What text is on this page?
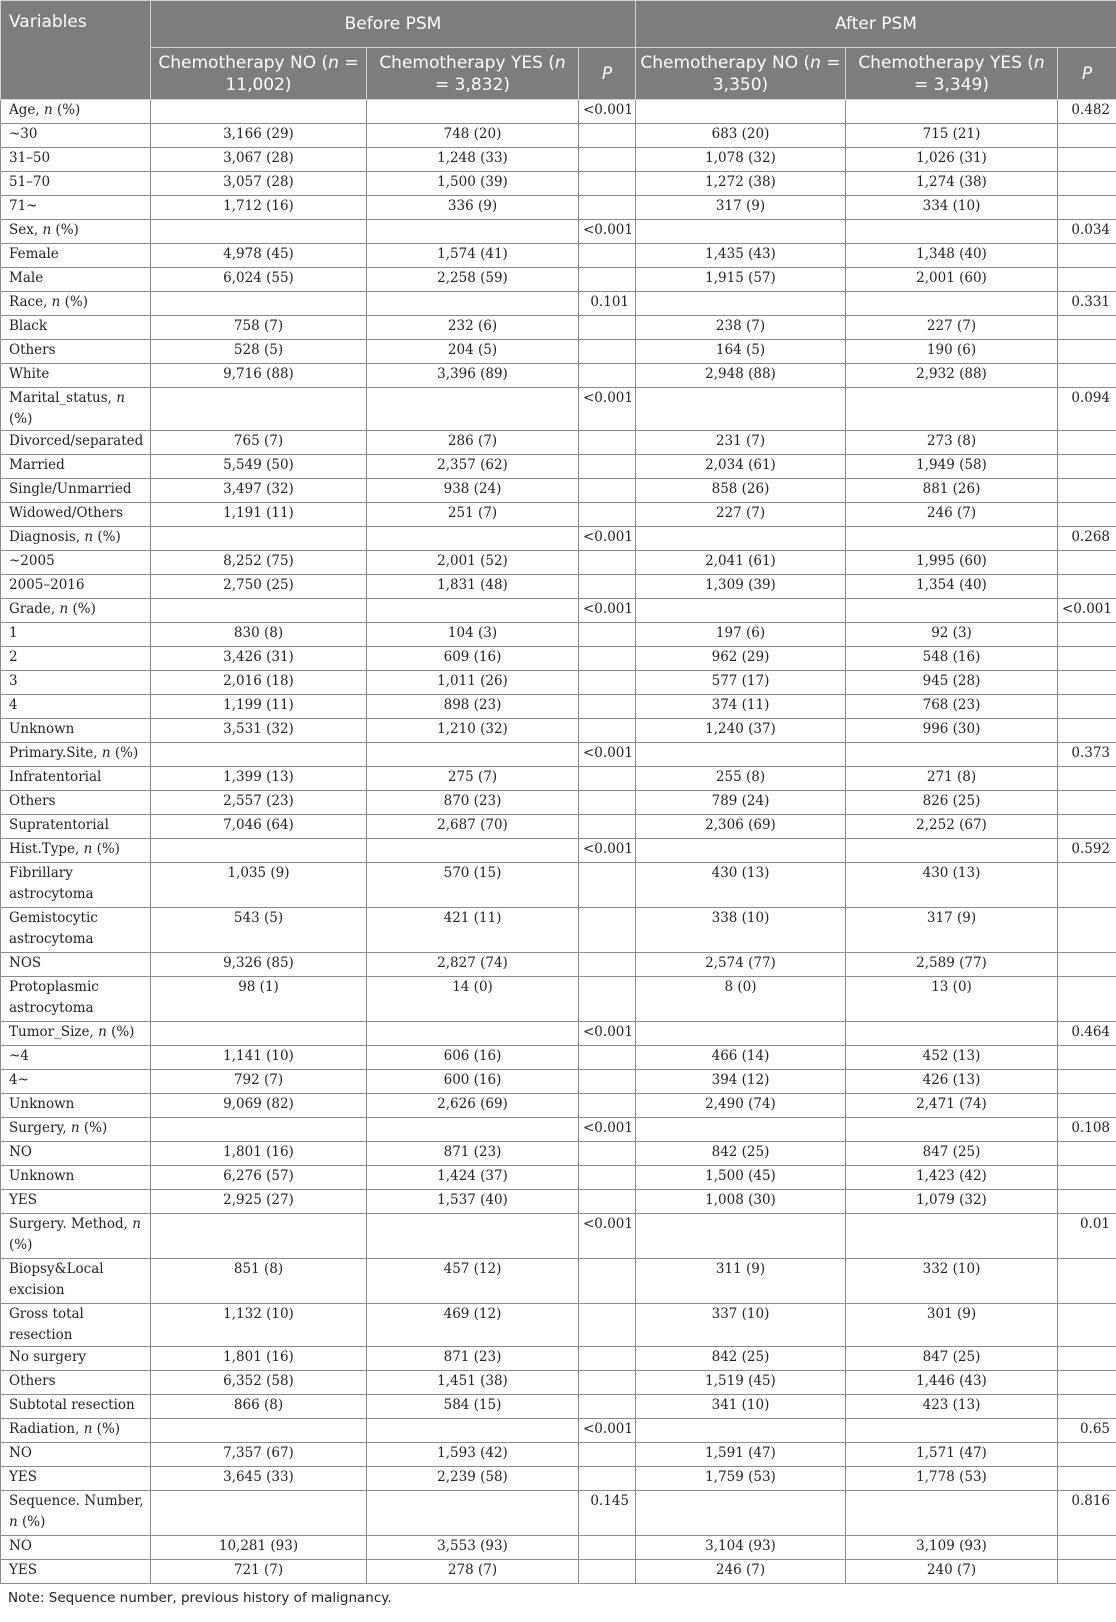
Variables	Before PSM			After PSM		
	Chemotherapy NO (n = 11,002)	Chemotherapy YES (n = 3,832)	P	Chemotherapy NO (n = 3,350)	Chemotherapy YES (n = 3,349)	P
Age, n (%)			<0.001			0.482
~30	3,166 (29)	748 (20)		683 (20)	715 (21)	
31–50	3,067 (28)	1,248 (33)		1,078 (32)	1,026 (31)	
51–70	3,057 (28)	1,500 (39)		1,272 (38)	1,274 (38)	
71~	1,712 (16)	336 (9)		317 (9)	334 (10)	
Sex, n (%)			<0.001			0.034
Female	4,978 (45)	1,574 (41)		1,435 (43)	1,348 (40)	
Male	6,024 (55)	2,258 (59)		1,915 (57)	2,001 (60)	
Race, n (%)			0.101			0.331
Black	758 (7)	232 (6)		238 (7)	227 (7)	
Others	528 (5)	204 (5)		164 (5)	190 (6)	
White	9,716 (88)	3,396 (89)		2,948 (88)	2,932 (88)	
Marital_status, n (%)			<0.001			0.094
Divorced/separated	765 (7)	286 (7)		231 (7)	273 (8)	
Married	5,549 (50)	2,357 (62)		2,034 (61)	1,949 (58)	
Single/Unmarried	3,497 (32)	938 (24)		858 (26)	881 (26)	
Widowed/Others	1,191 (11)	251 (7)		227 (7)	246 (7)	
Diagnosis, n (%)			<0.001			0.268
~2005	8,252 (75)	2,001 (52)		2,041 (61)	1,995 (60)	
2005–2016	2,750 (25)	1,831 (48)		1,309 (39)	1,354 (40)	
Grade, n (%)			<0.001			<0.001
1	830 (8)	104 (3)		197 (6)	92 (3)	
2	3,426 (31)	609 (16)		962 (29)	548 (16)	
3	2,016 (18)	1,011 (26)		577 (17)	945 (28)	
4	1,199 (11)	898 (23)		374 (11)	768 (23)	
Unknown	3,531 (32)	1,210 (32)		1,240 (37)	996 (30)	
Primary.Site, n (%)			<0.001			0.373
Infratentorial	1,399 (13)	275 (7)		255 (8)	271 (8)	
Others	2,557 (23)	870 (23)		789 (24)	826 (25)	
Supratentorial	7,046 (64)	2,687 (70)		2,306 (69)	2,252 (67)	
Hist.Type, n (%)			<0.001			0.592
Fibrillary astrocytoma	1,035 (9)	570 (15)		430 (13)	430 (13)	
Gemistocytic astrocytoma	543 (5)	421 (11)		338 (10)	317 (9)	
NOS	9,326 (85)	2,827 (74)		2,574 (77)	2,589 (77)	
Protoplasmic astrocytoma	98 (1)	14 (0)		8 (0)	13 (0)	
Tumor_Size, n (%)			<0.001			0.464
~4	1,141 (10)	606 (16)		466 (14)	452 (13)	
4~	792 (7)	600 (16)		394 (12)	426 (13)	
Unknown	9,069 (82)	2,626 (69)		2,490 (74)	2,471 (74)	
Surgery, n (%)			<0.001			0.108
NO	1,801 (16)	871 (23)		842 (25)	847 (25)	
Unknown	6,276 (57)	1,424 (37)		1,500 (45)	1,423 (42)	
YES	2,925 (27)	1,537 (40)		1,008 (30)	1,079 (32)	
Surgery. Method, n (%)			<0.001			0.01
Biopsy&Local excision	851 (8)	457 (12)		311 (9)	332 (10)	
Gross total resection	1,132 (10)	469 (12)		337 (10)	301 (9)	
No surgery	1,801 (16)	871 (23)		842 (25)	847 (25)	
Others	6,352 (58)	1,451 (38)		1,519 (45)	1,446 (43)	
Subtotal resection	866 (8)	584 (15)		341 (10)	423 (13)	
Radiation, n (%)			<0.001			0.65
NO	7,357 (67)	1,593 (42)		1,591 (47)	1,571 (47)	
YES	3,645 (33)	2,239 (58)		1,759 (53)	1,778 (53)	
Sequence. Number, n (%)			0.145			0.816
NO	10,281 (93)	3,553 (93)		3,104 (93)	3,109 (93)	
YES	721 (7)	278 (7)		246 (7)	240 (7)	
Note: Sequence number, previous history of malignancy.
